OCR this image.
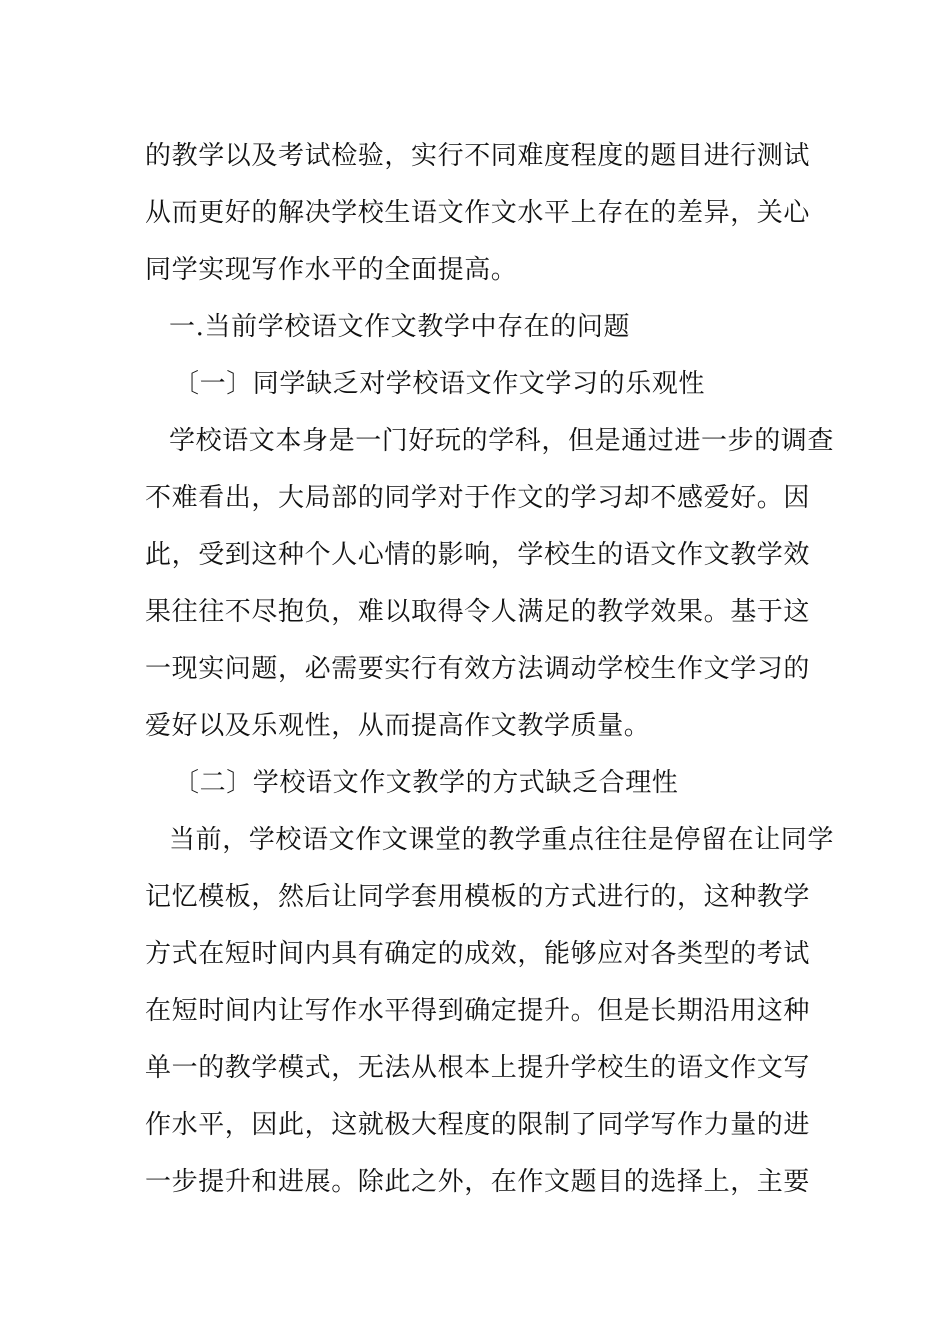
的教学以及考试检验，实行不同难度程度的题目进行测试
从而更好的解决学校生语文作文水平上存在的差异，关心
同学实现写作水平的全面提高。
一.当前学校语文作文教学中存在的问题
〔一〕同学缺乏对学校语文作文学习的乐观性
学校语文本身是一门好玩的学科，但是通过进一步的调查
不难看出，大局部的同学对于作文的学习却不感爱好。因
此，受到这种个人心情的影响，学校生的语文作文教学效
果往往不尽抱负，难以取得令人满足的教学效果。基于这
一现实问题，必需要实行有效方法调动学校生作文学习的
爱好以及乐观性，从而提高作文教学质量。
〔二〕学校语文作文教学的方式缺乏合理性
当前，学校语文作文课堂的教学重点往往是停留在让同学
记忆模板，然后让同学套用模板的方式进行的，这种教学
方式在短时间内具有确定的成效，能够应对各类型的考试
在短时间内让写作水平得到确定提升。但是长期沿用这种
单一的教学模式，无法从根本上提升学校生的语文作文写
作水平，因此，这就极大程度的限制了同学写作力量的进
一步提升和进展。除此之外，在作文题目的选择上，主要
